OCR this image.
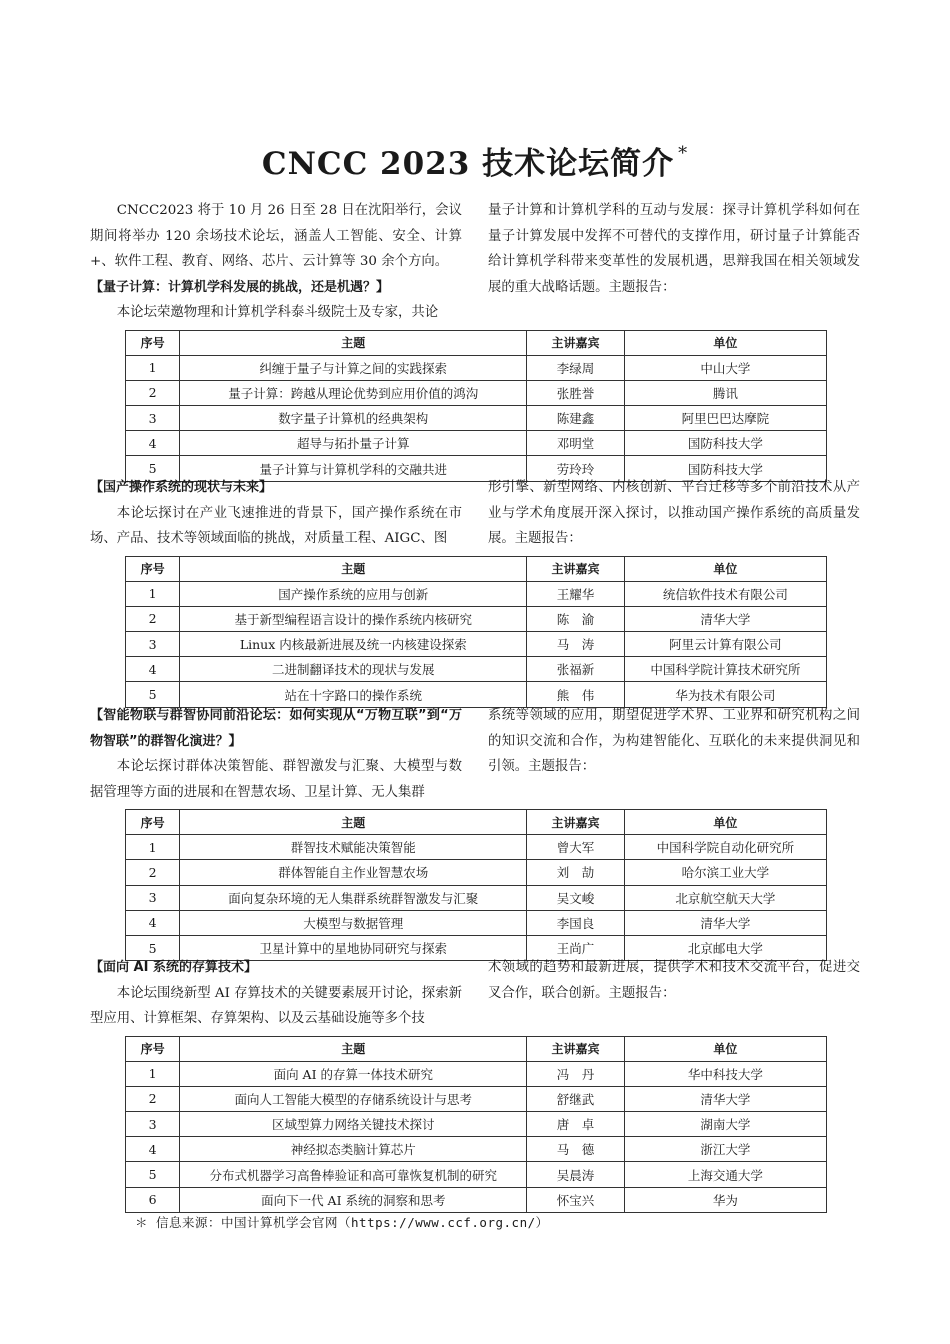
CNCC 2023 技术论坛简介 *

CNCC2023 将于 10 月 26 日至 28 日在沈阳举行，会议期间将举办 120 余场技术论坛，涵盖人工智能、安全、计算+、软件工程、教育、网络、芯片、云计算等 30 余个方向。

【量子计算：计算机学科发展的挑战，还是机遇？】

本论坛荣邀物理和计算机学科泰斗级院士及专家，共论

量子计算和计算机学科的互动与发展：探寻计算机学科如何在量子计算发展中发挥不可替代的支撑作用，研讨量子计算能否给计算机学科带来变革性的发展机遇，思辩我国在相关领域发展的重大战略话题。主题报告：

序号	主题	主讲嘉宾	单位
1	纠缠于量子与计算之间的实践探索	李绿周	中山大学
2	量子计算：跨越从理论优势到应用价值的鸿沟	张胜誉	腾讯
3	数字量子计算机的经典架构	陈建鑫	阿里巴巴达摩院
4	超导与拓扑量子计算	邓明堂	国防科技大学
5	量子计算与计算机学科的交融共进	劳玲玲	国防科技大学

【国产操作系统的现状与未来】

本论坛探讨在产业飞速推进的背景下，国产操作系统在市场、产品、技术等领域面临的挑战，对质量工程、AIGC、图

形引擎、新型网络、内核创新、平台迁移等多个前沿技术从产业与学术角度展开深入探讨，以推动国产操作系统的高质量发展。主题报告：

序号	主题	主讲嘉宾	单位
1	国产操作系统的应用与创新	王耀华	统信软件技术有限公司
2	基于新型编程语言设计的操作系统内核研究	陈　渝	清华大学
3	Linux 内核最新进展及统一内核建设探索	马　涛	阿里云计算有限公司
4	二进制翻译技术的现状与发展	张福新	中国科学院计算技术研究所
5	站在十字路口的操作系统	熊　伟	华为技术有限公司

【智能物联与群智协同前沿论坛：如何实现从“万物互联”到“万物智联”的群智化演进？】

本论坛探讨群体决策智能、群智激发与汇聚、大模型与数据管理等方面的进展和在智慧农场、卫星计算、无人集群

系统等领域的应用，期望促进学术界、工业界和研究机构之间的知识交流和合作，为构建智能化、互联化的未来提供洞见和引领。主题报告：

序号	主题	主讲嘉宾	单位
1	群智技术赋能决策智能	曾大军	中国科学院自动化研究所
2	群体智能自主作业智慧农场	刘　劼	哈尔滨工业大学
3	面向复杂环境的无人集群系统群智激发与汇聚	吴文峻	北京航空航天大学
4	大模型与数据管理	李国良	清华大学
5	卫星计算中的星地协同研究与探索	王尚广	北京邮电大学

【面向 AI 系统的存算技术】

本论坛围绕新型 AI 存算技术的关键要素展开讨论，探索新型应用、计算框架、存算架构、以及云基础设施等多个技

术领域的趋势和最新进展，提供学术和技术交流平台，促进交叉合作，联合创新。主题报告：

序号	主题	主讲嘉宾	单位
1	面向 AI 的存算一体技术研究	冯　丹	华中科技大学
2	面向人工智能大模型的存储系统设计与思考	舒继武	清华大学
3	区域型算力网络关键技术探讨	唐　卓	湖南大学
4	神经拟态类脑计算芯片	马　德	浙江大学
5	分布式机器学习高鲁棒验证和高可靠恢复机制的研究	吴晨涛	上海交通大学
6	面向下一代 AI 系统的洞察和思考	怀宝兴	华为
＊ 信息来源：中国计算机学会官网（https://www.ccf.org.cn/）
